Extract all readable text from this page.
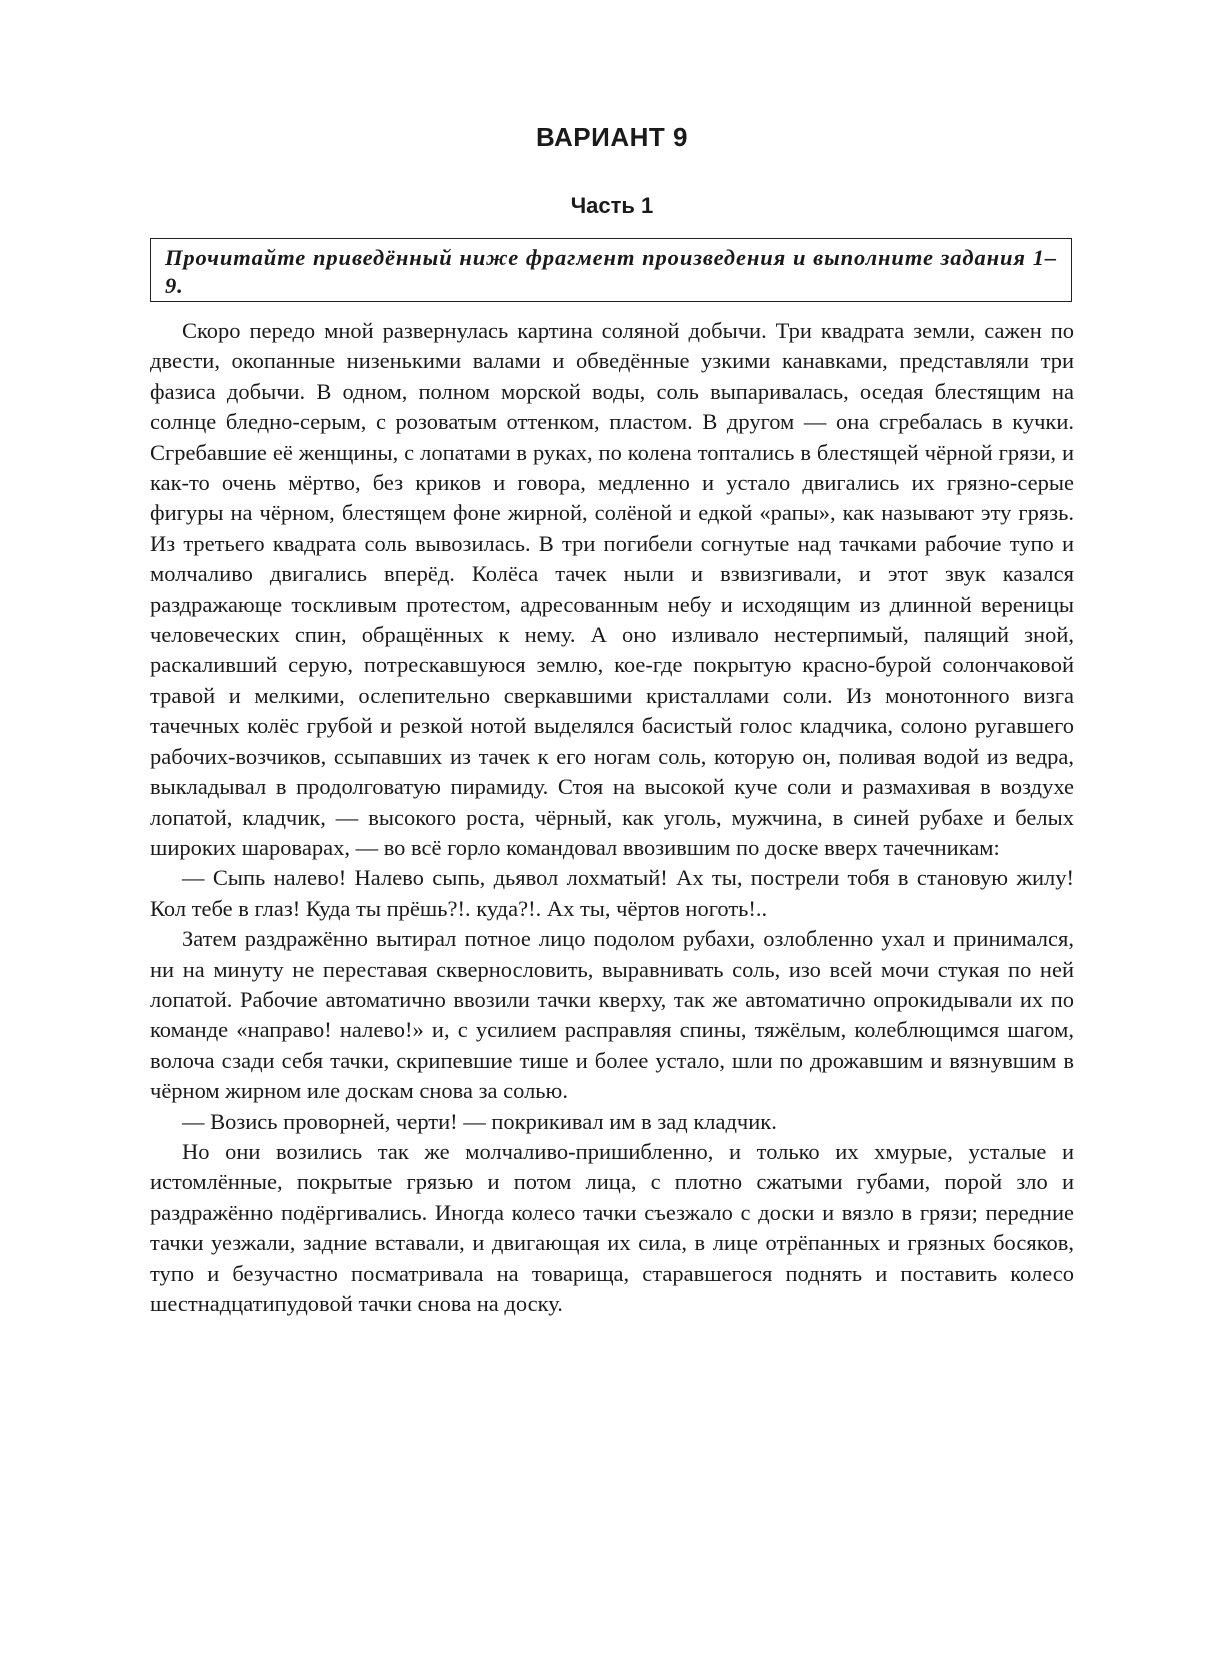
ВАРИАНТ 9
Часть 1
Прочитайте приведённый ниже фрагмент произведения и выполните задания 1–9.

Скоро передо мной развернулась картина соляной добычи. Три квадрата земли, сажен по двести, окопанные низенькими валами и обведённые узкими канавками, представляли три фазиса добычи. В одном, полном морской воды, соль выпаривалась, оседая блестящим на солнце бледно-серым, с розоватым оттенком, пластом. В другом — она сгребалась в кучки. Сгребавшие её женщины, с лопатами в руках, по колена топтались в блестящей чёрной грязи, и как-то очень мёртво, без криков и говора, медленно и устало двигались их грязно-серые фигуры на чёрном, блестящем фоне жирной, солёной и едкой «рапы», как называют эту грязь. Из третьего квадрата соль вывозилась. В три погибели согнутые над тачками рабочие тупо и молчаливо двигались вперёд. Колёса тачек ныли и взвизгивали, и этот звук казался раздражающе тоскливым протестом, адресованным небу и исходящим из длинной вереницы человеческих спин, обращённых к нему. А оно изливало нестерпимый, палящий зной, раскаливший серую, потрескавшуюся землю, кое-где покрытую красно-бурой солончаковой травой и мелкими, ослепительно сверкавшими кристаллами соли. Из монотонного визга тачечных колёс грубой и резкой нотой выделялся басистый голос кладчика, солоно ругавшего рабочих-возчиков, ссыпавших из тачек к его ногам соль, которую он, поливая водой из ведра, выкладывал в продолговатую пирамиду. Стоя на высокой куче соли и размахивая в воздухе лопатой, кладчик, — высокого роста, чёрный, как уголь, мужчина, в синей рубахе и белых широких шароварах, — во всё горло командовал ввозившим по доске вверх тачечникам:

— Сыпь налево! Налево сыпь, дьявол лохматый! Ах ты, пострели тобя в становую жилу! Кол тебе в глаз! Куда ты прёшь?!. куда?!. Ах ты, чёртов ноготь!..

Затем раздражённо вытирал потное лицо подолом рубахи, озлобленно ухал и принимался, ни на минуту не переставая сквернословить, выравнивать соль, изо всей мочи стукая по ней лопатой. Рабочие автоматично ввозили тачки кверху, так же автоматично опрокидывали их по команде «направо! налево!» и, с усилием расправляя спины, тяжёлым, колеблющимся шагом, волоча сзади себя тачки, скрипевшие тише и более устало, шли по дрожавшим и вязнувшим в чёрном жирном иле доскам снова за солью.

— Возись проворней, черти! — покрикивал им в зад кладчик.

Но они возились так же молчаливо-пришибленно, и только их хмурые, усталые и истомлённые, покрытые грязью и потом лица, с плотно сжатыми губами, порой зло и раздражённо подёргивались. Иногда колесо тачки съезжало с доски и вязло в грязи; передние тачки уезжали, задние вставали, и двигающая их сила, в лице отрёпанных и грязных босяков, тупо и безучастно посматривала на товарища, старавшегося поднять и поставить колесо шестнадцатипудовой тачки снова на доску.
